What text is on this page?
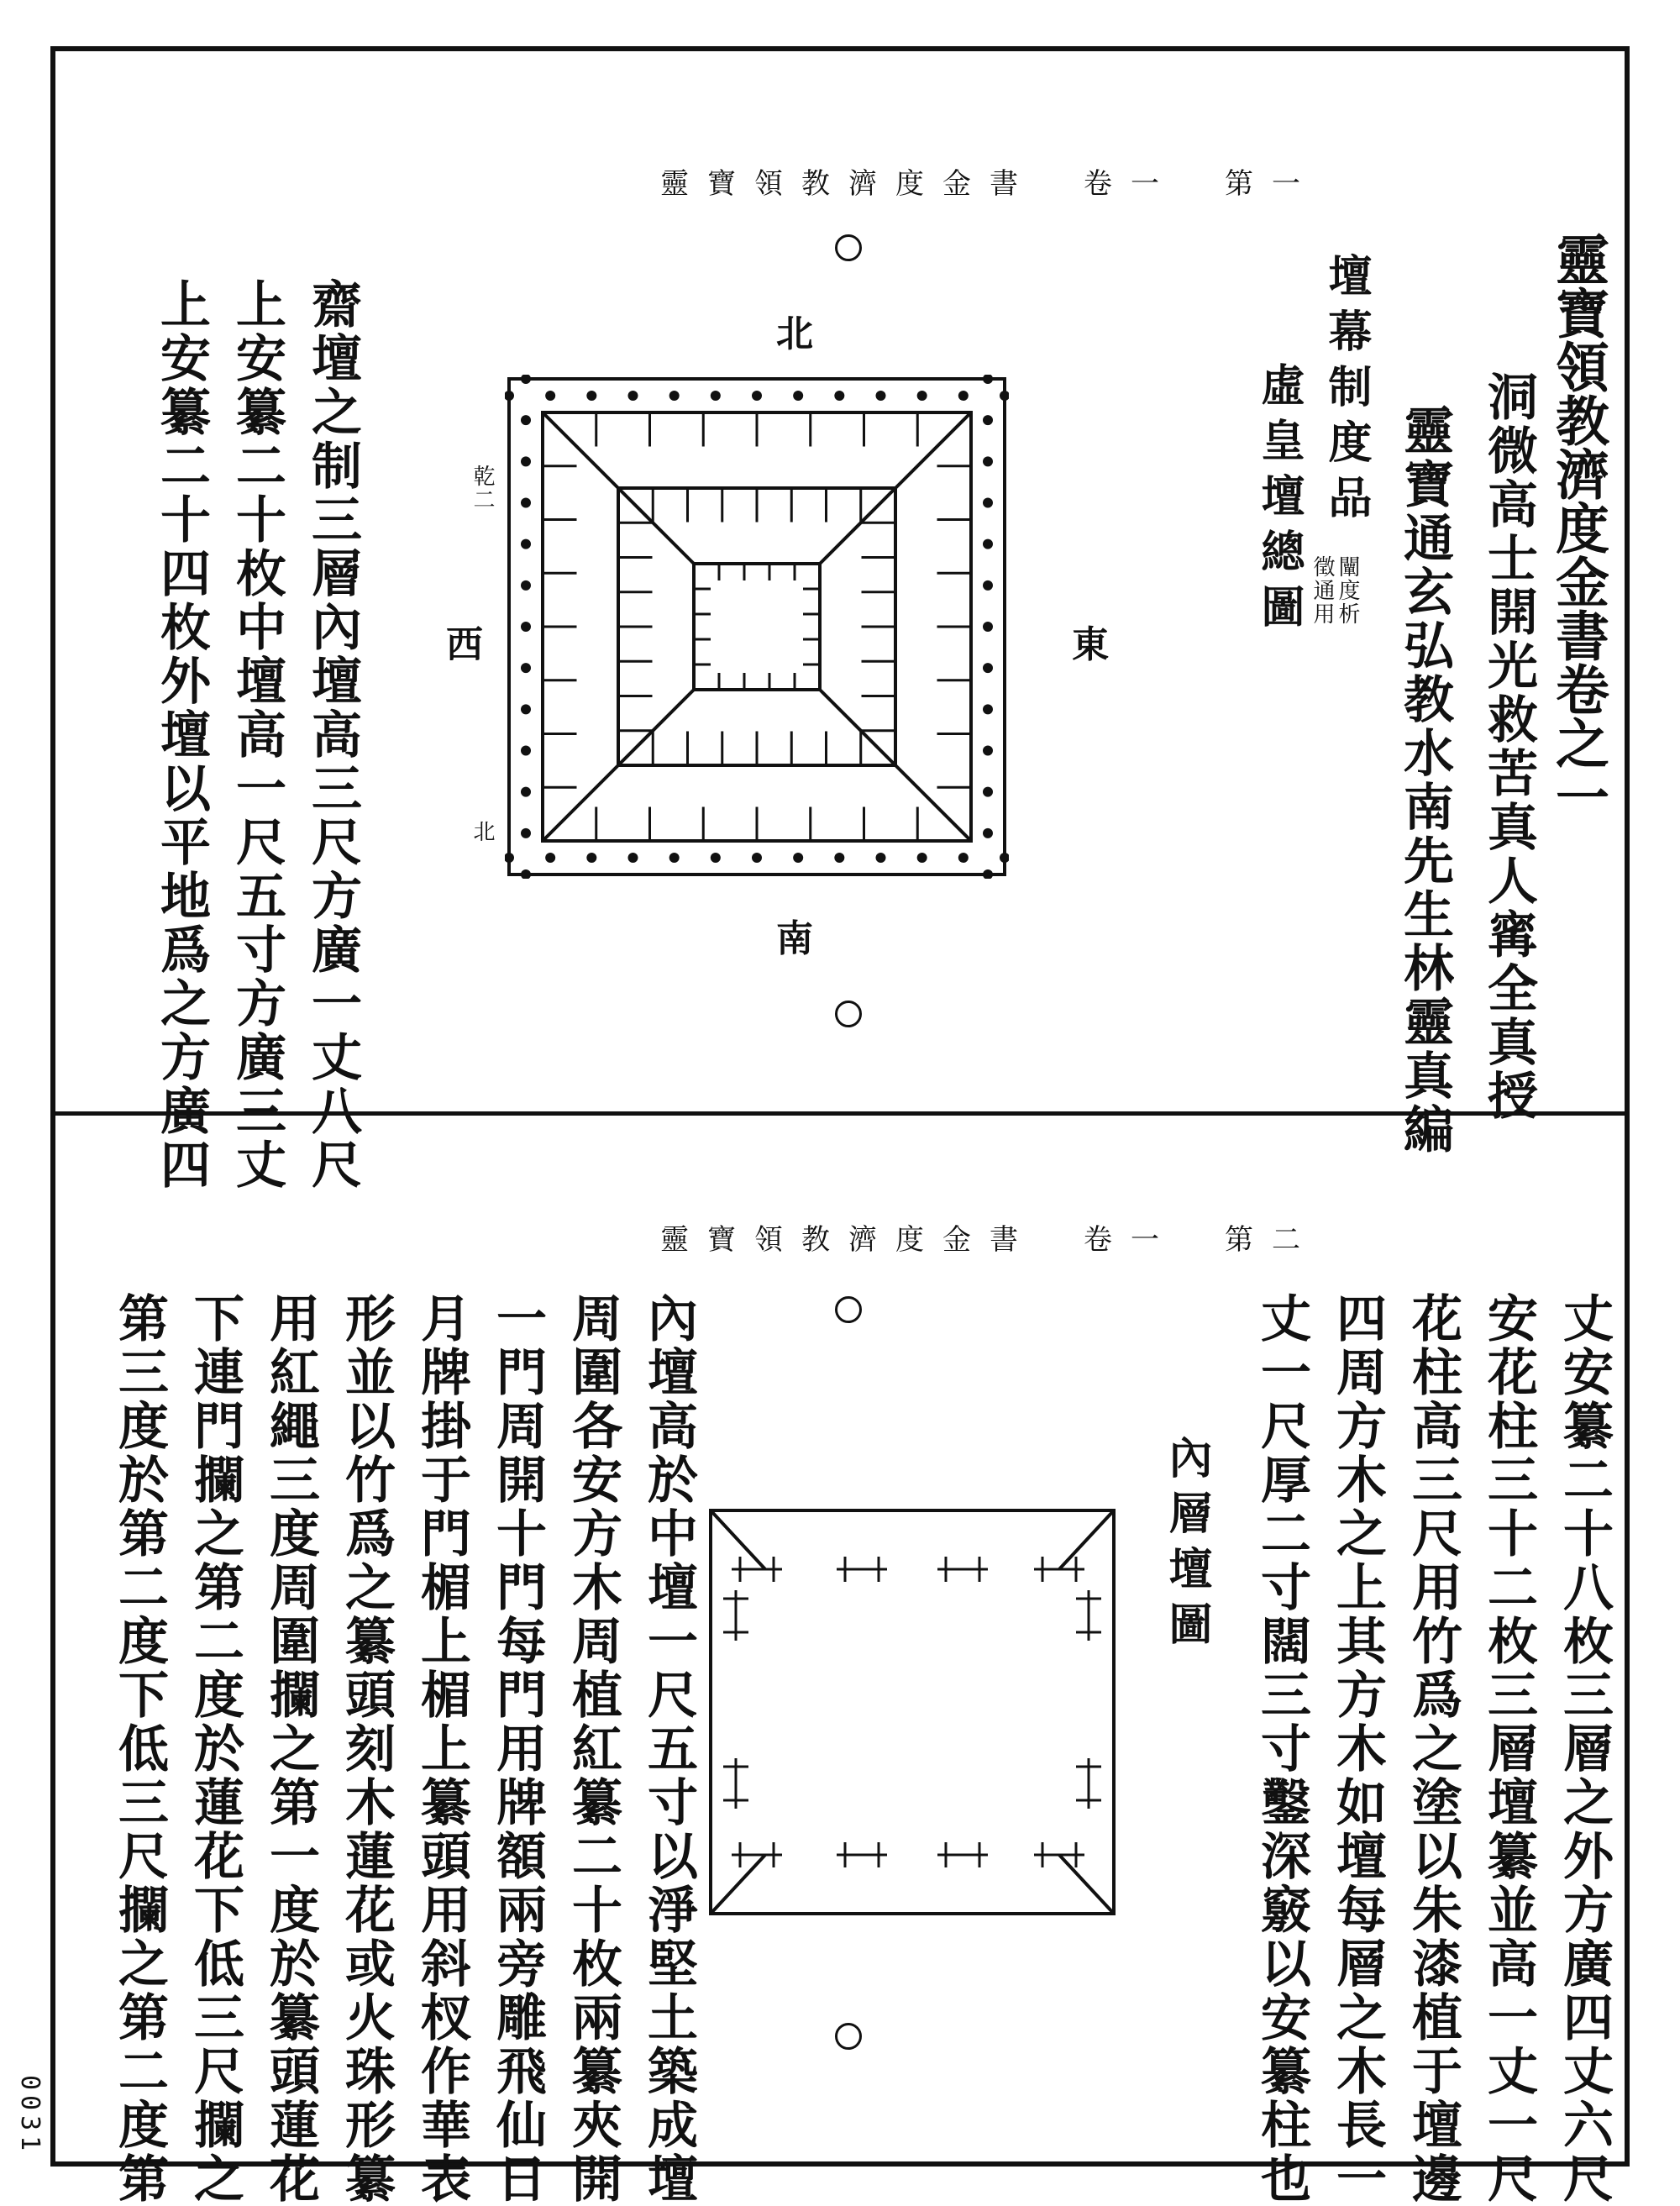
靈寶領教濟度金書　卷一　第一
靈寶領教濟度金書卷之一
洞微高士開光救苦真人寗全真授
靈寶通玄弘教水南先生林靈真編
壇幕制度品
闡度析
徵通用
虛皇壇總圖
北
東
南
西
乾二
北
齋壇之制三層內壇高三尺方廣一丈八尺
上安纂二十枚中壇高一尺五寸方廣三丈
上安纂二十四枚外壇以平地爲之方廣四
靈寶領教濟度金書　卷一　第二
丈安纂二十八枚三層之外方廣四丈六尺
安花柱三十二枚三層壇纂並高一丈一尺
花柱高三尺用竹爲之塗以朱漆植于壇邊
四周方木之上其方木如壇每層之木長一
丈一尺厚二寸闊三寸鑿深竅以安纂柱也
內層壇圖
內壇高於中壇一尺五寸以淨堅土築成壇
周圍各安方木周植紅纂二十枚兩纂夾開
一門周開十門每門用牌額兩旁雕飛仙日
月牌掛于門楣上楣上纂頭用斜杈作華表
形並以竹爲之纂頭刻木蓮花或火珠形纂
用紅繩三度周圍攔之第一度於纂頭蓮花
下連門攔之第二度於蓮花下低三尺攔之
第三度於第二度下低三尺攔之第二度第
0031
